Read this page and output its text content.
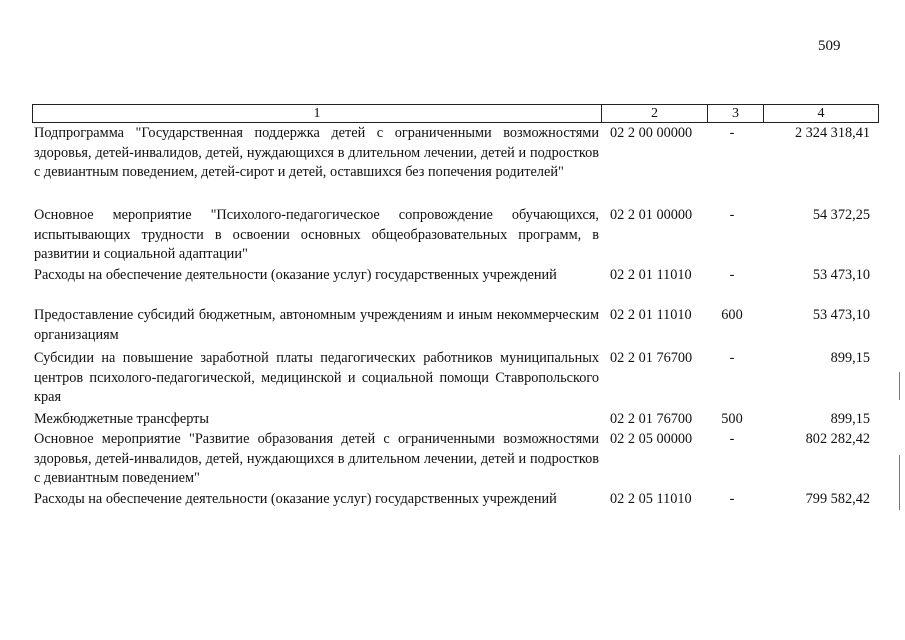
509
1	2	3	4
Подпрограмма "Государственная поддержка детей с ограниченными возможностями здоровья, детей-инвалидов, детей, нуждающихся в длительном лечении, детей и подростков с девиантным поведением, детей-сирот и детей, оставшихся без попечения родителей"
02 2 00 00000	-	2 324 318,41
Основное мероприятие "Психолого-педагогическое сопровождение обучающихся, испытывающих трудности в освоении основных общеобразовательных программ, в развитии и социальной адаптации"
02 2 01 00000	-	54 372,25
Расходы на обеспечение деятельности (оказание услуг) государственных учреждений	02 2 01 11010	-	53 473,10
Предоставление субсидий бюджетным, автономным учреждениям и иным некоммерческим организациям
02 2 01 11010	600	53 473,10
Субсидии на повышение заработной платы педагогических работников муниципальных центров психолого-педагогической, медицинской и социальной помощи Ставропольского края
02 2 01 76700	-	899,15
Межбюджетные трансферты	02 2 01 76700	500	899,15
Основное мероприятие "Развитие образования детей с ограниченными возможностями здоровья, детей-инвалидов, детей, нуждающихся в длительном лечении, детей и подростков с девиантным поведением"
02 2 05 00000	-	802 282,42
Расходы на обеспечение деятельности (оказание услуг) государственных учреждений	02 2 05 11010	-	799 582,42
